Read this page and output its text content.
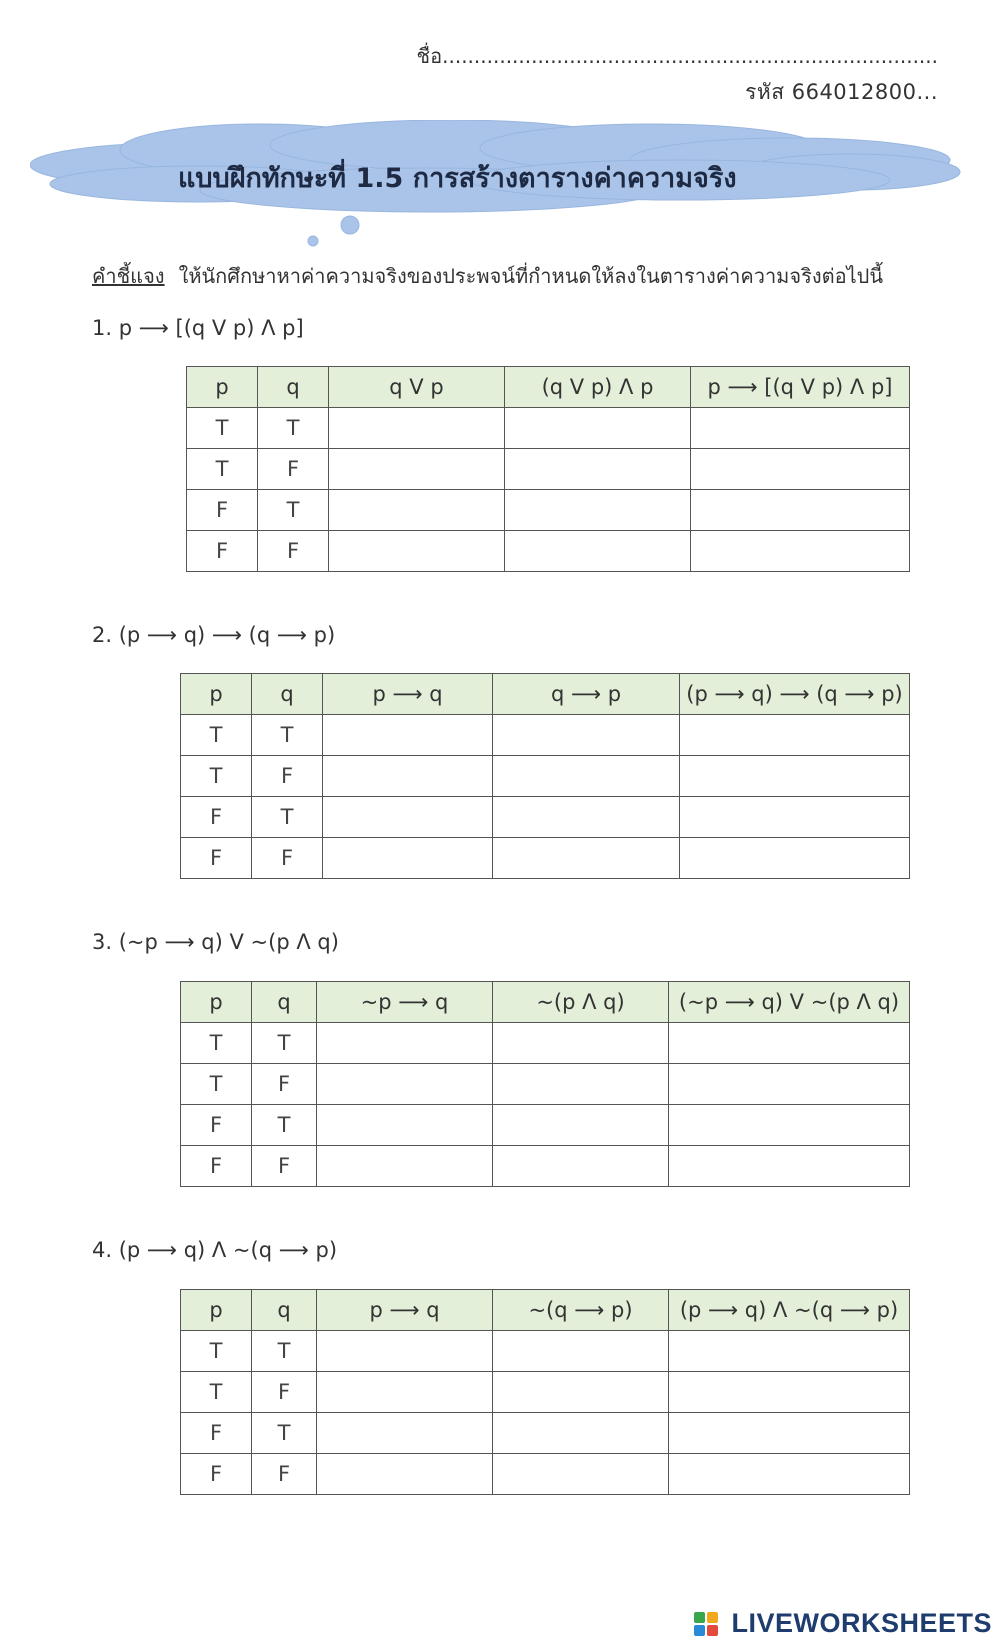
ชื่อ..............................................................................
รหัส 664012800...
แบบฝึกทักษะที่ 1.5 การสร้างตารางค่าความจริง
คำชี้แจง ให้นักศึกษาหาค่าความจริงของประพจน์ที่กำหนดให้ลงในตารางค่าความจริงต่อไปนี้
1. p ⟶ [(q V p) Λ p]
p	q	q V p	(q V p) Λ p	p ⟶ [(q V p) Λ p]
T	T			
T	F			
F	T			
F	F			
2. (p ⟶ q) ⟶ (q ⟶ p)
p	q	p ⟶ q	q ⟶ p	(p ⟶ q) ⟶ (q ⟶ p)
T	T			
T	F			
F	T			
F	F			
3. (~p ⟶ q) V ~(p Λ q)
p	q	~p ⟶ q	~(p Λ q)	(~p ⟶ q) V ~(p Λ q)
T	T			
T	F			
F	T			
F	F			
4. (p ⟶ q) Λ ~(q ⟶ p)
p	q	p ⟶ q	~(q ⟶ p)	(p ⟶ q) Λ ~(q ⟶ p)
T	T			
T	F			
F	T			
F	F			
LIVEWORKSHEETS
